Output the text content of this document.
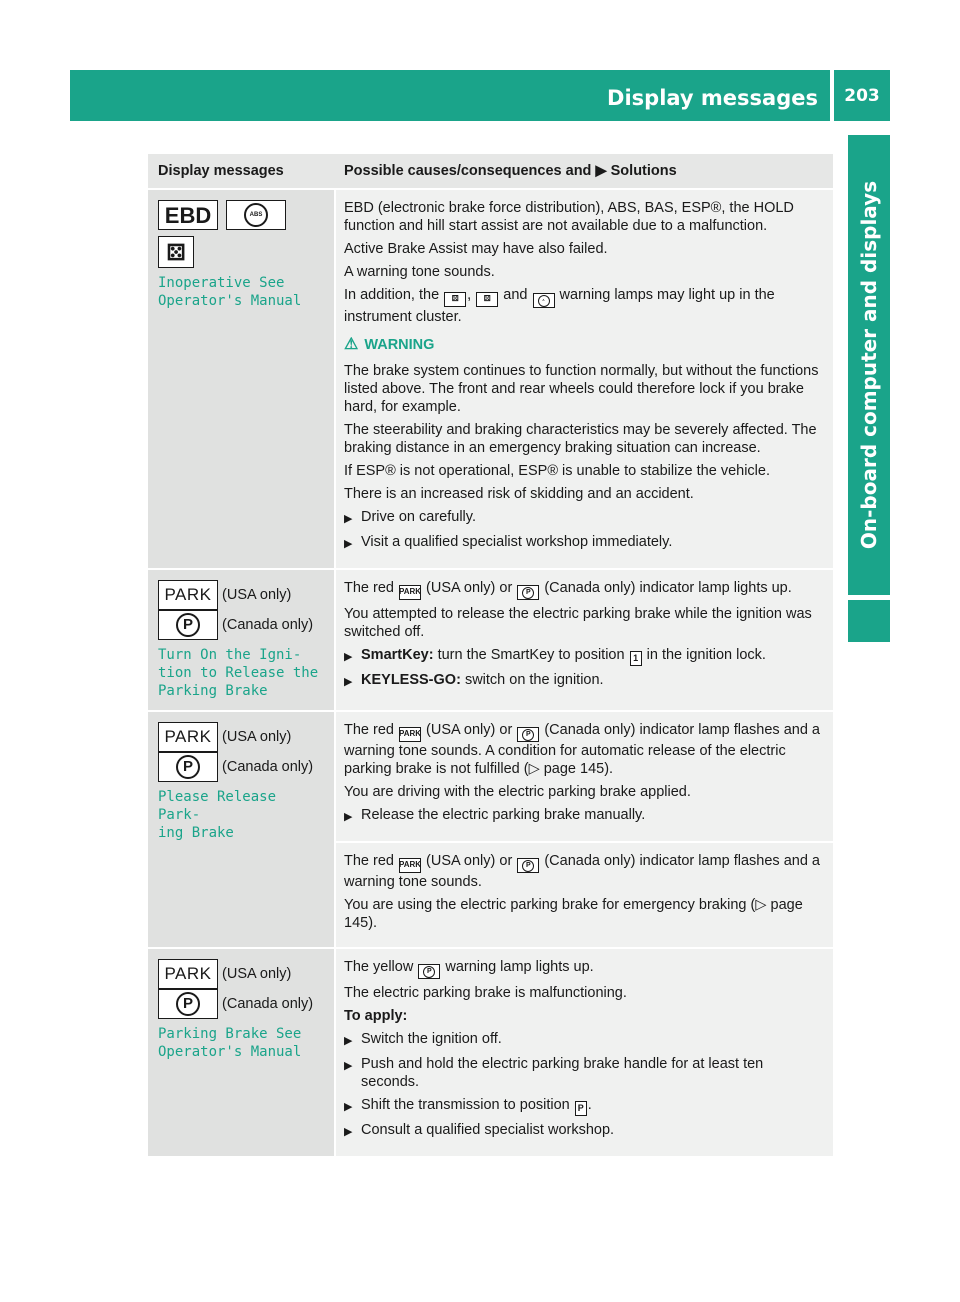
Display messages	203
On-board computer and displays
Display messages	Possible causes/consequences and ▶ Solutions
EBD	ABS
⚄
Inoperative See
Operator's Manual

EBD (electronic brake force distribution), ABS, BAS, ESP®, the HOLD function and hill start assist are not available due to a malfunction.

Active Brake Assist may have also failed.

A warning tone sounds.

In addition, the ⚄ , ⚄ and	A	warning lamps may light up in the instrument cluster.

⚠ WARNING

The brake system continues to function normally, but without the functions listed above. The front and rear wheels could therefore lock if you brake hard, for example.

The steerability and braking characteristics may be severely affected. The braking distance in an emergency braking situation can increase.

If ESP® is not operational, ESP® is unable to stabilize the vehicle.

There is an increased risk of skidding and an accident.

▶ Drive on carefully.
▶ Visit a qualified specialist workshop immediately.
PARK (USA only)
P	(Canada only)
Turn On the Igni‐
tion to Release the
Parking Brake

The red PARK (USA only) or	P (Canada only) indicator lamp lights up.

You attempted to release the electric parking brake while the ignition was switched off.

▶ SmartKey: turn the SmartKey to position 1 in the ignition lock.
▶ KEYLESS-GO: switch on the ignition.
PARK (USA only)
P	(Canada only)
Please Release Park‐
ing Brake

The red PARK (USA only) or	P (Canada only) indicator lamp flashes and a warning tone sounds. A condition for automatic release of the electric parking brake is not fulfilled (▷ page 145).

You are driving with the electric parking brake applied.

▶ Release the electric parking brake manually.

The red PARK (USA only) or	P (Canada only) indicator lamp flashes and a warning tone sounds.

You are using the electric parking brake for emergency braking (▷ page 145).

PARK (USA only)
P	(Canada only)
Parking Brake See
Operator's Manual

The yellow	P warning lamp lights up.

The electric parking brake is malfunctioning.

To apply:

▶ Switch the ignition off.
▶ Push and hold the electric parking brake handle for at least ten seconds.
▶ Shift the transmission to position P .
▶ Consult a qualified specialist workshop.
